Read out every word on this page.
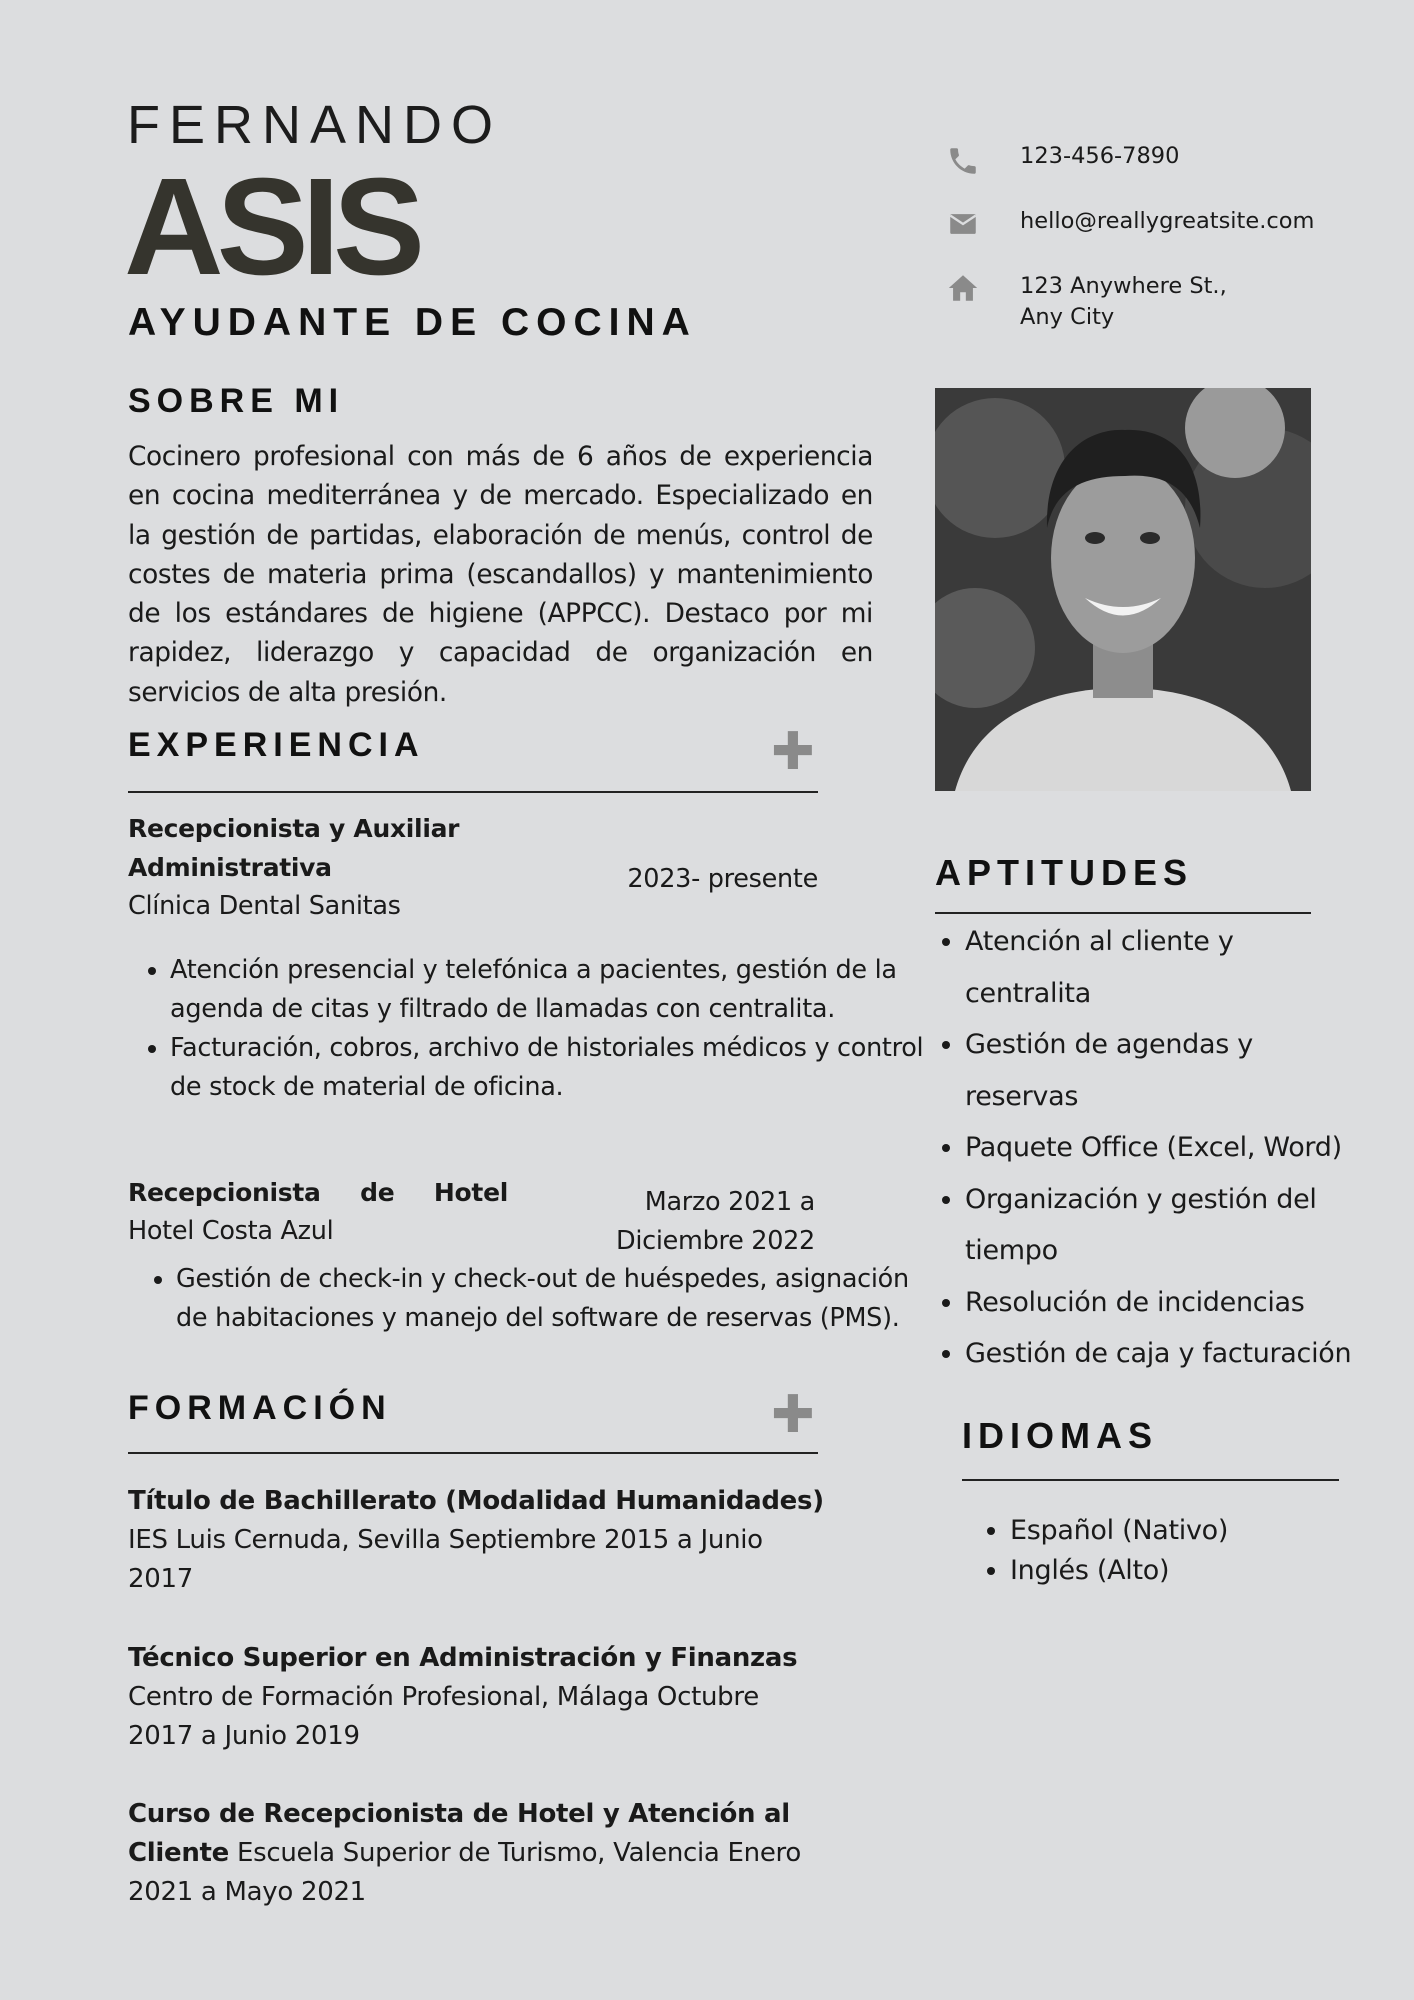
FERNANDO
ASIS
AYUDANTE DE COCINA
123-456-7890
hello@reallygreatsite.com
123 Anywhere St.,
Any City
SOBRE MI

Cocinero profesional con más de 6 años de experiencia en cocina mediterránea y de mercado. Especializado en la gestión de partidas, elaboración de menús, control de costes de materia prima (escandallos) y mantenimiento de los estándares de higiene (APPCC). Destaco por mi rapidez, liderazgo y capacidad de organización en servicios de alta presión.

EXPERIENCIA	✚
Recepcionista y Auxiliar Administrativa
Clínica Dental Sanitas
2023- presente
• Atención presencial y telefónica a pacientes, gestión de la agenda de citas y filtrado de llamadas con centralita.
• Facturación, cobros, archivo de historiales médicos y control de stock de material de oficina.
Recepcionista de Hotel
Hotel Costa Azul
Marzo 2021 a
Diciembre 2022
• Gestión de check-in y check-out de huéspedes, asignación de habitaciones y manejo del software de reservas (PMS).
FORMACIÓN	✚
Título de Bachillerato (Modalidad Humanidades)
IES Luis Cernuda, Sevilla Septiembre 2015 a Junio 2017
Técnico Superior en Administración y Finanzas
Centro de Formación Profesional, Málaga Octubre 2017 a Junio 2019
Curso de Recepcionista de Hotel y Atención al Cliente Escuela Superior de Turismo, Valencia Enero 2021 a Mayo 2021
APTITUDES
• Atención al cliente y centralita
• Gestión de agendas y reservas
• Paquete Office (Excel, Word)
• Organización y gestión del tiempo
• Resolución de incidencias
• Gestión de caja y facturación
IDIOMAS
• Español (Nativo)
• Inglés (Alto)
